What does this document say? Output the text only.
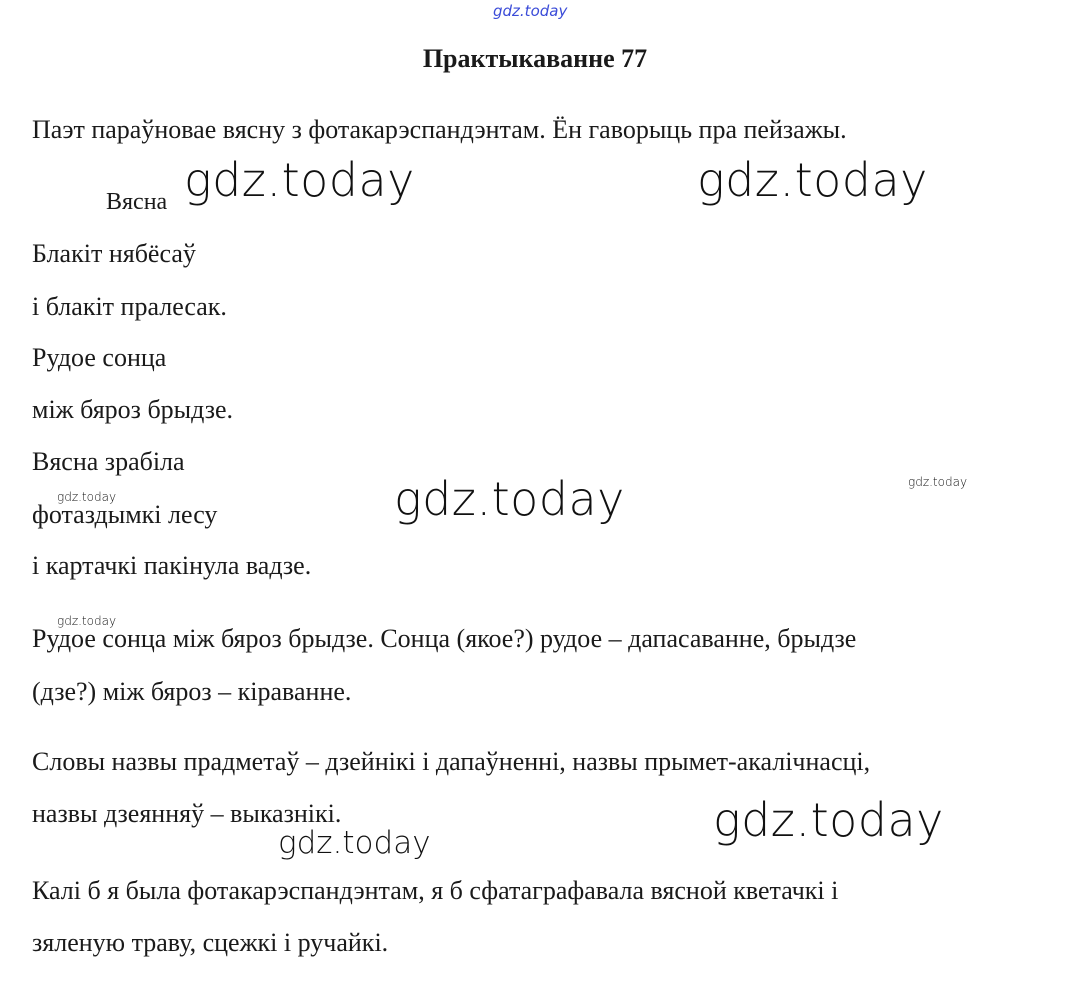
gdz.today
Практыкаванне 77
Паэт параўновае вясну з фотакарэспандэнтам. Ён гаворыць пра пейзажы.
Вясна gdz.today	gdz.today
Блакіт нябёсаў
і блакіт пралесак.
Рудое сонца
між бяроз брыдзе.
Вясна зрабіла
gdz.today
фотаздымкі лесу	gdz.today	gdz.today
і картачкі пакінула вадзе.
gdz.today
Рудое сонца між бяроз брыдзе. Сонца (якое?) рудое – дапасаванне, брыдзе
(дзе?) між бяроз – кіраванне.
Словы назвы прадметаў – дзейнікі і дапаўненні, назвы прымет-акалічнасці,
назвы дзеянняў – выказнікі.	gdz.today
gdz.today
Калі б я была фотакарэспандэнтам, я б сфатаграфавала вясной кветачкі і
зяленую траву, сцежкі і ручайкі.
